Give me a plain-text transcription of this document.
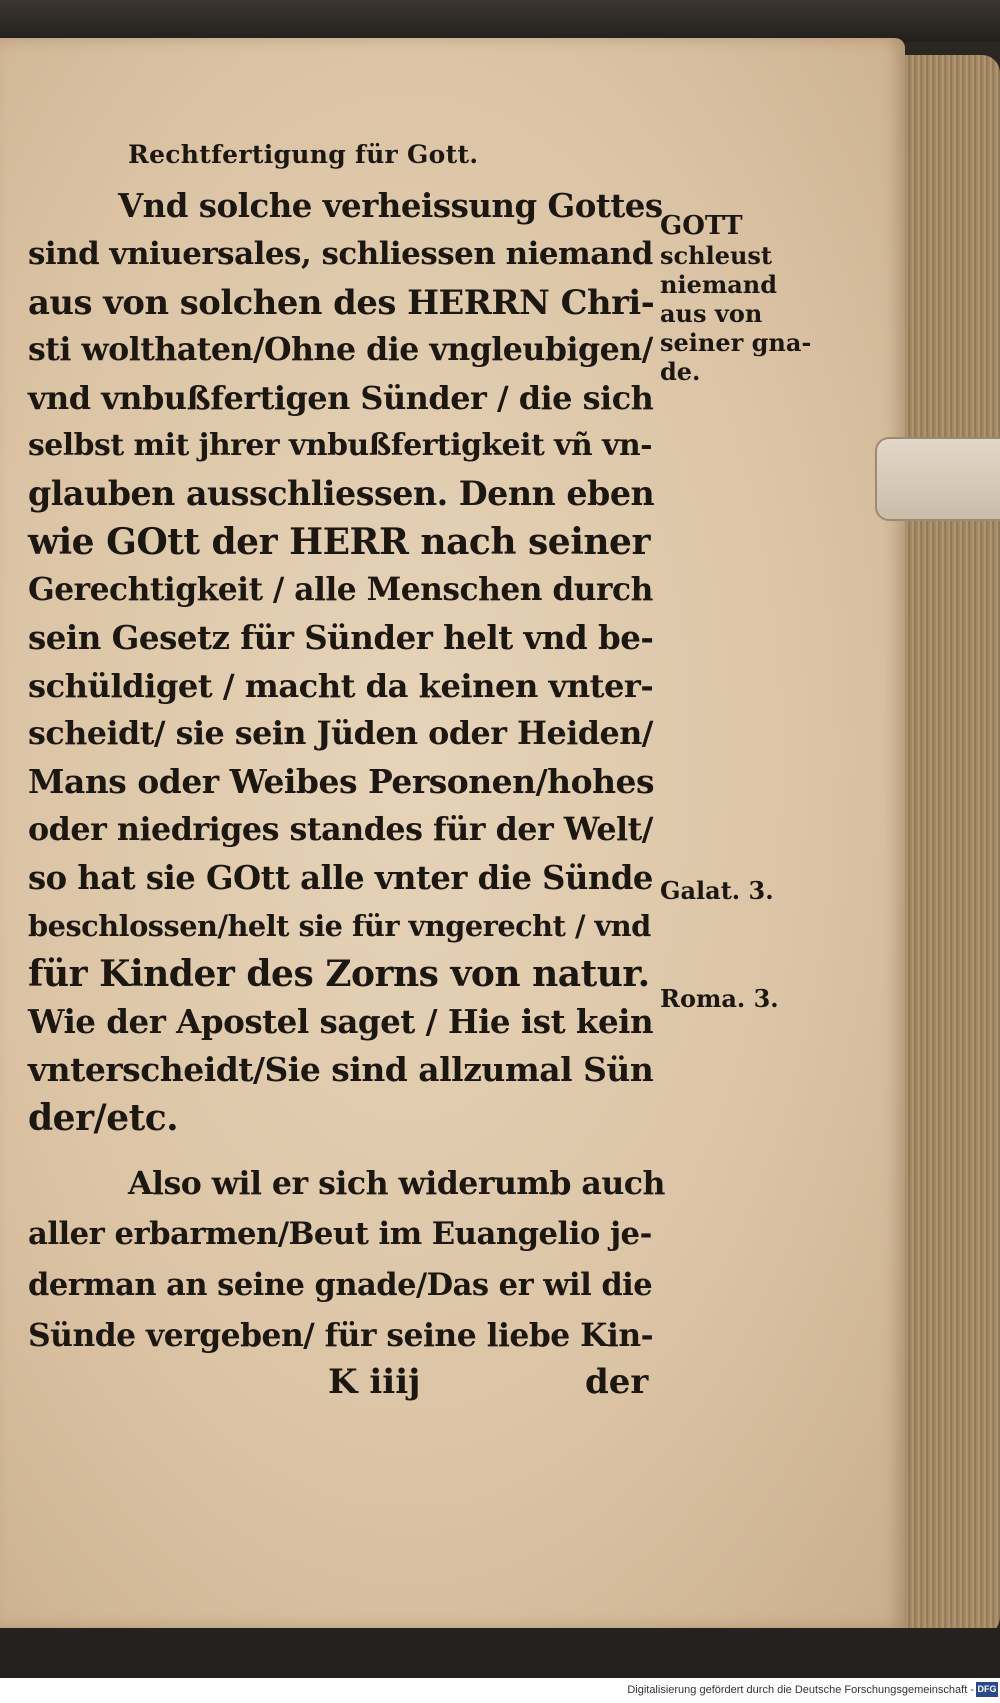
Rechtfertigung für Gott.
Vnd solche verheissung Gottes
sind vniuersales, schliessen niemand
aus von solchen des HERRN Chri-
sti wolthaten/Ohne die vngleubigen/
vnd vnbußfertigen Sünder / die sich
selbst mit jhrer vnbußfertigkeit vñ vn-
glauben ausschliessen. Denn eben
wie GOtt der HERR nach seiner
Gerechtigkeit / alle Menschen durch
sein Gesetz für Sünder helt vnd be-
schüldiget / macht da keinen vnter-
scheidt/ sie sein Jüden oder Heiden/
Mans oder Weibes Personen/hohes
oder niedriges standes für der Welt/
so hat sie GOtt alle vnter die Sünde
beschlossen/helt sie für vngerecht / vnd
für Kinder des Zorns von natur.
Wie der Apostel saget / Hie ist kein
vnterscheidt/Sie sind allzumal Sün
der/etc.
Also wil er sich widerumb auch
aller erbarmen/Beut im Euangelio je-
derman an seine gnade/Das er wil die
Sünde vergeben/ für seine liebe Kin-
K iiij	der
GOTT
schleust
niemand
aus von
seiner gna-
de.
Galat. 3.
Roma. 3.
Digitalisierung gefördert durch die Deutsche Forschungsgemeinschaft - DFG
